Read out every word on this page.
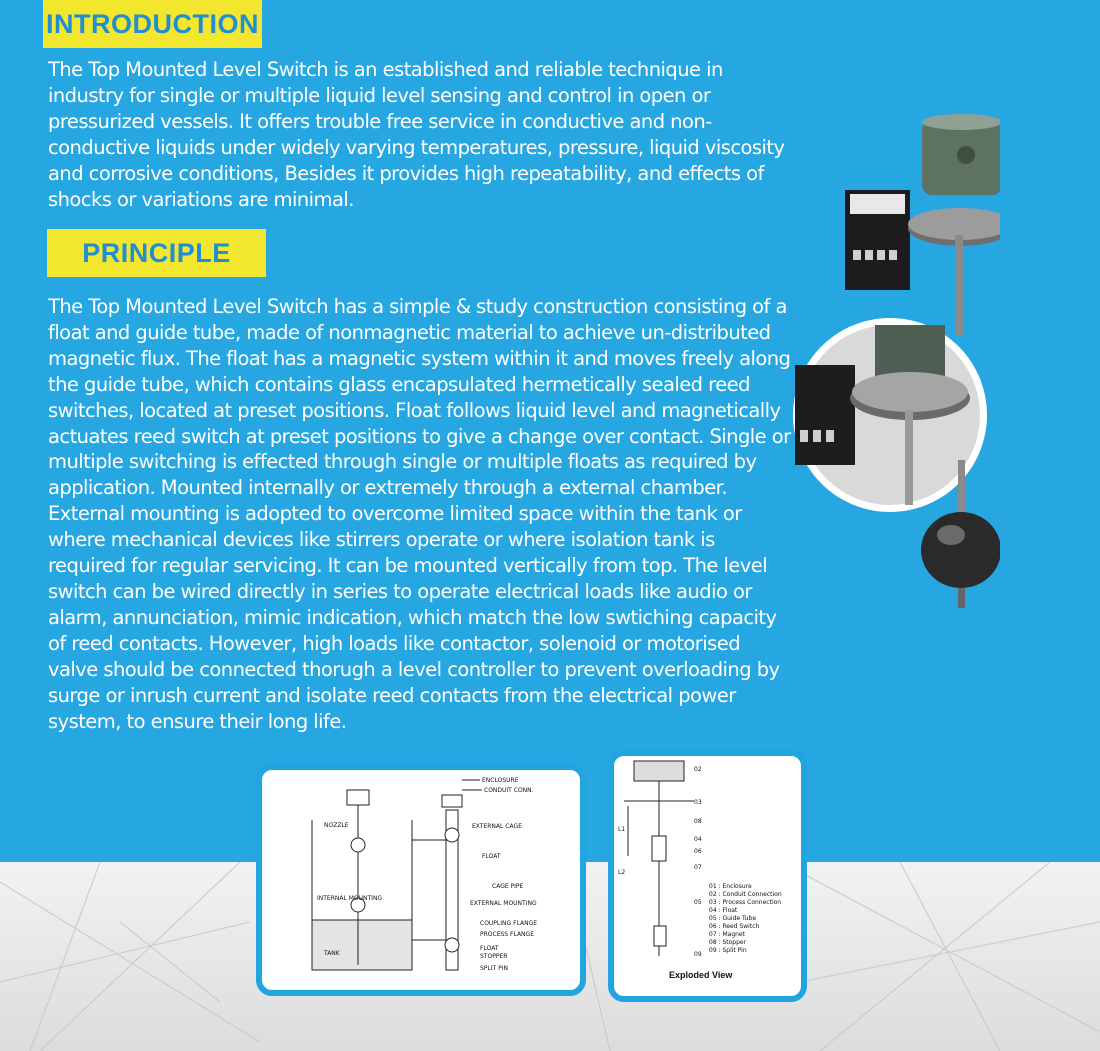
INTRODUCTION

The Top Mounted Level Switch is an established and reliable technique in industry for single or multiple liquid level sensing and control in open or pressurized vessels. It offers trouble free service in conductive and non-conductive liquids under widely varying temperatures, pressure, liquid viscosity and corrosive conditions, Besides it provides high repeatability, and effects of shocks or variations are minimal.

PRINCIPLE

The Top Mounted Level Switch has a simple & study construction consisting of a float and guide tube, made of nonmagnetic material to achieve un-distributed magnetic flux. The float has a magnetic system within it and moves freely along the guide tube, which contains glass encapsulated hermetically sealed reed switches, located at preset positions. Float follows liquid level and magnetically actuates reed switch at preset positions to give a change over contact. Single or multiple switching is effected through single or multiple floats as required by application. Mounted internally or extremely through a external chamber. External mounting is adopted to overcome limited space within the tank or where mechanical devices like stirrers operate or where isolation tank is required for regular servicing. It can be mounted vertically from top. The level switch can be wired directly in series to operate electrical loads like audio or alarm, annunciation, mimic indication, which match the low swtiching capacity of reed contacts. However, high loads like contactor, solenoid or motorised valve should be connected thorugh a level controller to prevent overloading by surge or inrush current and isolate reed contacts from the electrical power system, to ensure their long life.

ENCLOSURE
CONDUIT CONN.
NOZZLE	EXTERNAL CAGE
FLOAT
CAGE PIPE
INTERNAL MOUNTING
EXTERNAL MOUNTING
COUPLING FLANGE
PROCESS FLANGE
FLOAT
STOPPER
TANK
SPLIT PIN
02
03
08
04
06
07
05
09
L1
L2
01 : Enclosure
02 : Conduit Connection
03 : Process Connection
04 : Float
05 : Guide Tube
06 : Reed Switch
07 : Magnet
08 : Stopper
09 : Split Pin
Exploded View
